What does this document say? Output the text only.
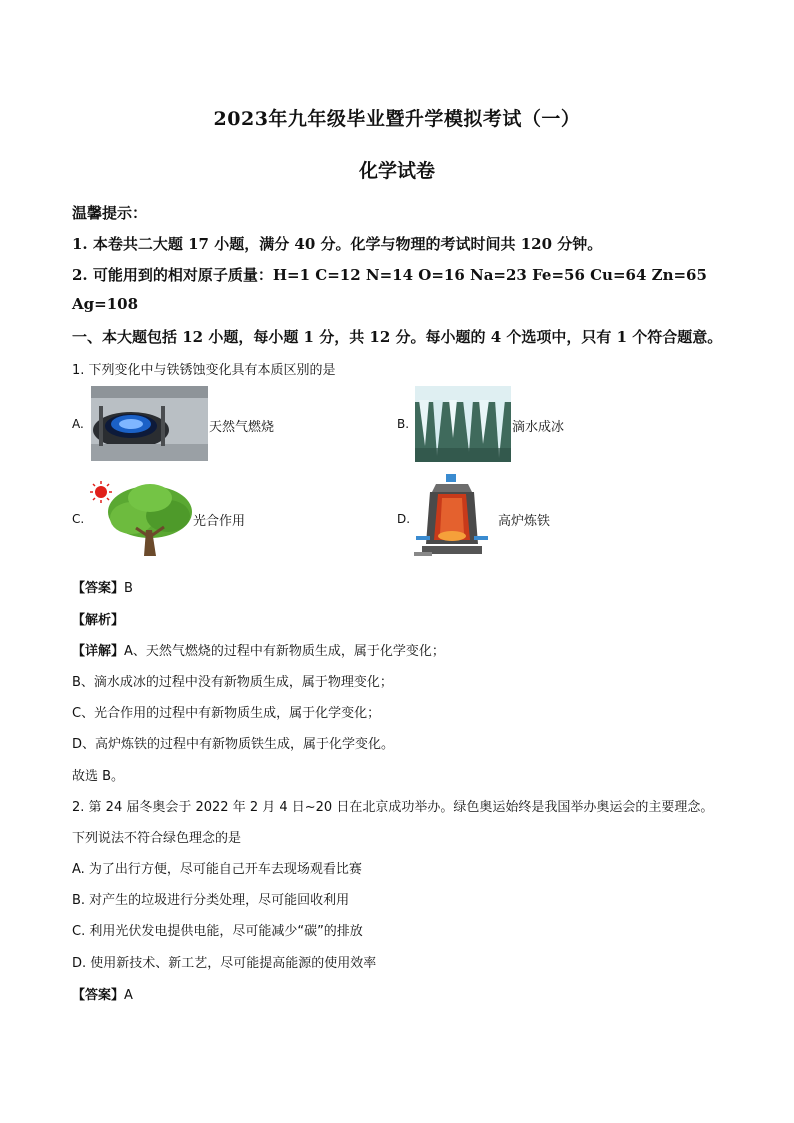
2023年九年级毕业暨升学模拟考试（一）
化学试卷
温馨提示：
1. 本卷共二大题 17 小题，满分 40 分。化学与物理的考试时间共 120 分钟。
2. 可能用到的相对原子质量：H=1 C=12 N=14 O=16 Na=23 Fe=56 Cu=64 Zn=65
Ag=108
一、本大题包括 12 小题，每小题 1 分，共 12 分。每小题的 4 个选项中，只有 1 个符合题意。
1. 下列变化中与铁锈蚀变化具有本质区别的是
A.	天然气燃烧	B.	滴水成冰
C.	光合作用	D.	高炉炼铁
【答案】B
【解析】
【详解】A、天然气燃烧的过程中有新物质生成，属于化学变化；
B、滴水成冰的过程中没有新物质生成，属于物理变化；
C、光合作用的过程中有新物质生成，属于化学变化；
D、高炉炼铁的过程中有新物质铁生成，属于化学变化。
故选 B。
2. 第 24 届冬奥会于 2022 年 2 月 4 日~20 日在北京成功举办。绿色奥运始终是我国举办奥运会的主要理念。
下列说法不符合绿色理念的是
A. 为了出行方便，尽可能自己开车去现场观看比赛
B. 对产生的垃圾进行分类处理，尽可能回收利用
C. 利用光伏发电提供电能，尽可能减少“碳”的排放
D. 使用新技术、新工艺，尽可能提高能源的使用效率
【答案】A
